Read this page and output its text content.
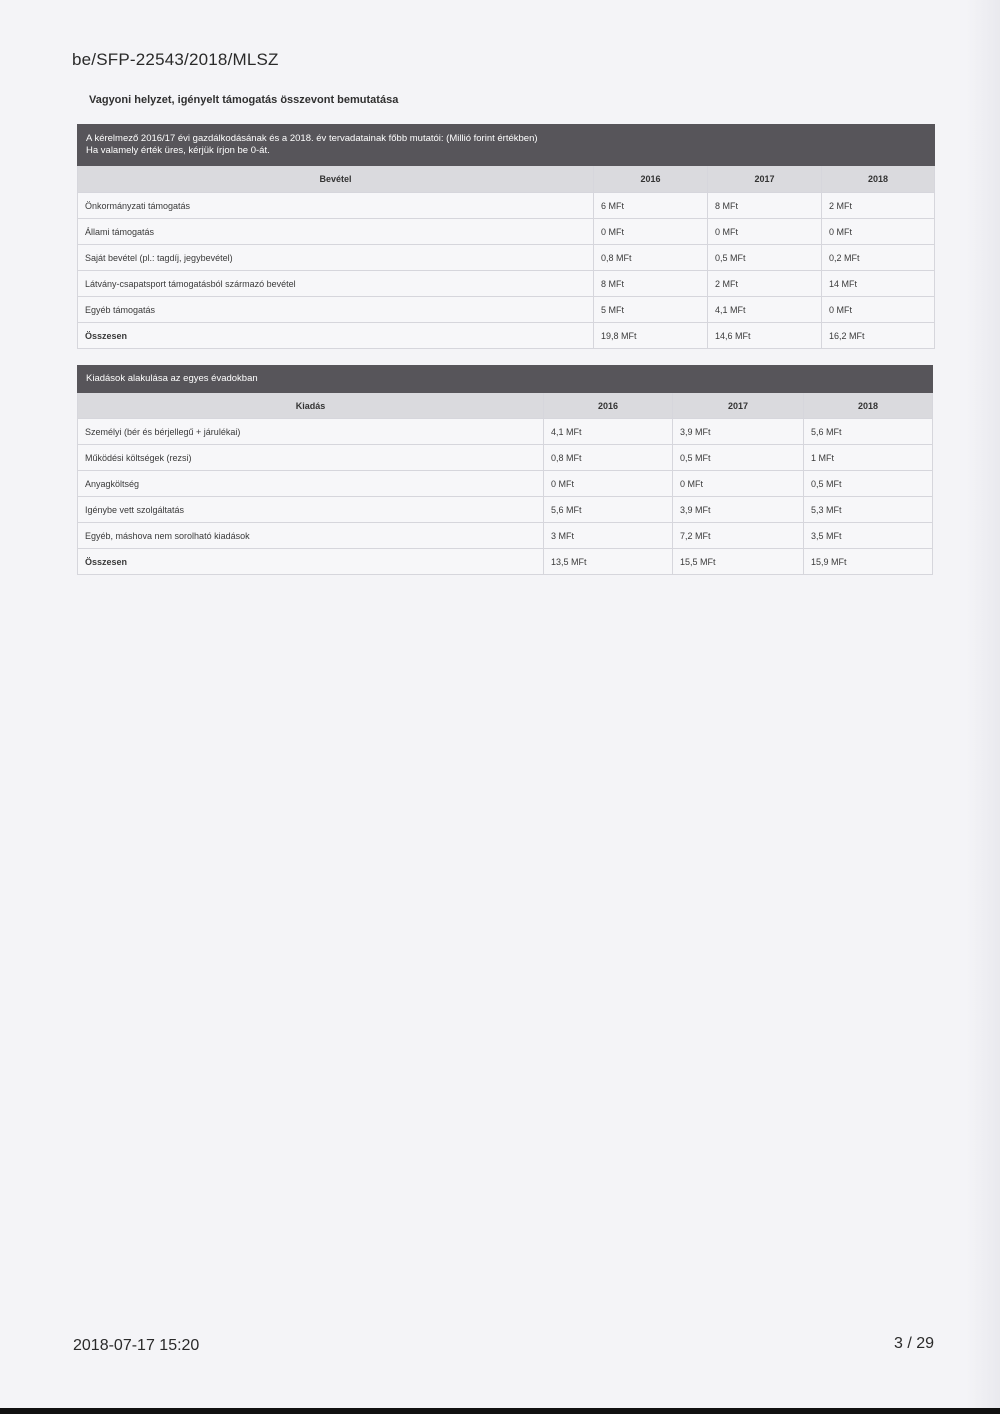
be/SFP-22543/2018/MLSZ
Vagyoni helyzet, igényelt támogatás összevont bemutatása
A kérelmező 2016/17 évi gazdálkodásának és a 2018. év tervadatainak főbb mutatói: (Millió forint értékben)
Ha valamely érték üres, kérjük írjon be 0-át.			

Bevétel	2016	2017	2018
Önkormányzati támogatás	6 MFt	8 MFt	2 MFt
Állami támogatás	0 MFt	0 MFt	0 MFt
Saját bevétel (pl.: tagdíj, jegybevétel)	0,8 MFt	0,5 MFt	0,2 MFt
Látvány-csapatsport támogatásból származó bevétel	8 MFt	2 MFt	14 MFt
Egyéb támogatás	5 MFt	4,1 MFt	0 MFt
Összesen	19,8 MFt	14,6 MFt	16,2 MFt
Kiadások alakulása az egyes évadokban			
Kiadás	2016	2017	2018
Személyi (bér és bérjellegű + járulékai)	4,1 MFt	3,9 MFt	5,6 MFt
Működési költségek (rezsi)	0,8 MFt	0,5 MFt	1 MFt
Anyagköltség	0 MFt	0 MFt	0,5 MFt
Igénybe vett szolgáltatás	5,6 MFt	3,9 MFt	5,3 MFt
Egyéb, máshova nem sorolható kiadások	3 MFt	7,2 MFt	3,5 MFt
Összesen	13,5 MFt	15,5 MFt	15,9 MFt
2018-07-17 15:20	3 / 29
